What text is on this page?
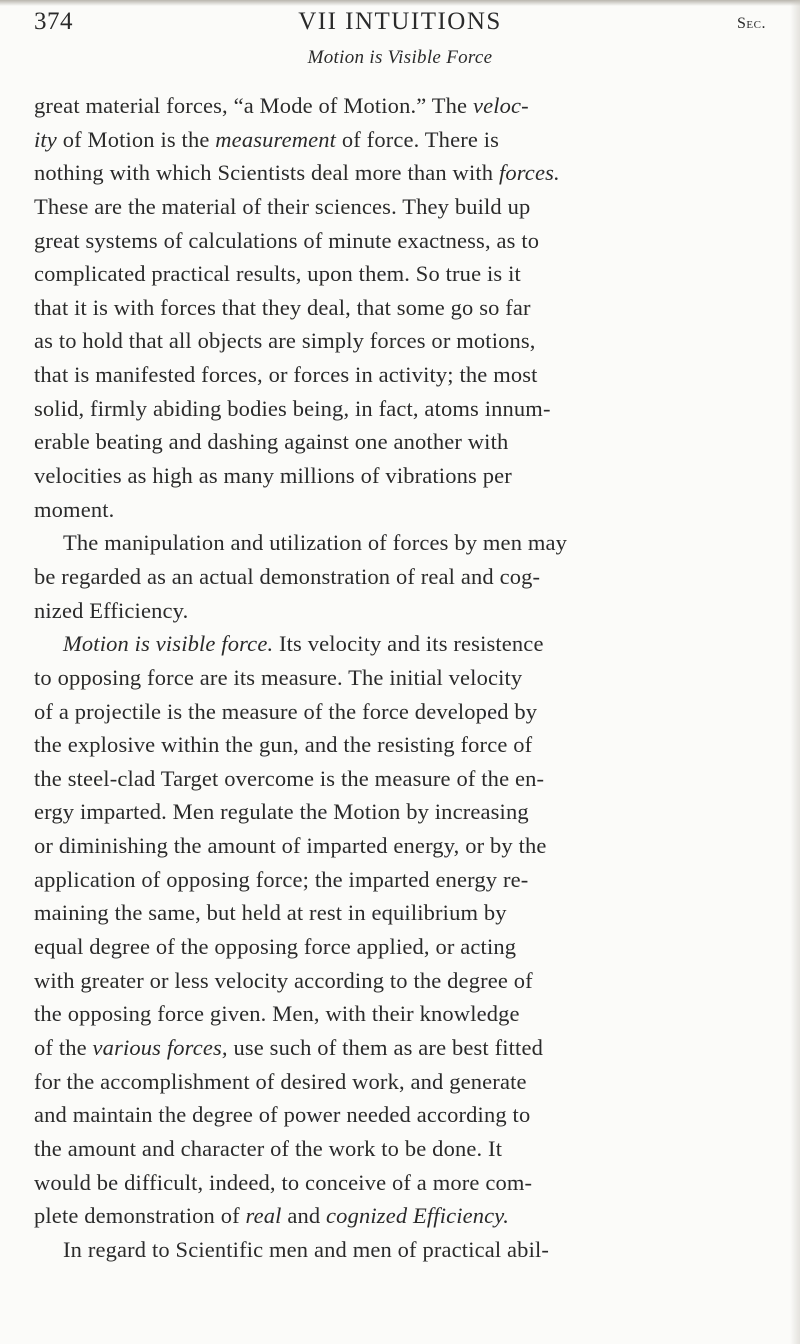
374	VII INTUITIONS	Sec.
Motion is Visible Force
great material forces, “a Mode of Motion.” The veloc-
ity of Motion is the measurement of force. There is
nothing with which Scientists deal more than with forces.
These are the material of their sciences. They build up
great systems of calculations of minute exactness, as to
complicated practical results, upon them. So true is it
that it is with forces that they deal, that some go so far
as to hold that all objects are simply forces or motions,
that is manifested forces, or forces in activity; the most
solid, firmly abiding bodies being, in fact, atoms innum-
erable beating and dashing against one another with
velocities as high as many millions of vibrations per
moment.
The manipulation and utilization of forces by men may
be regarded as an actual demonstration of real and cog-
nized Efficiency.
Motion is visible force. Its velocity and its resistence
to opposing force are its measure. The initial velocity
of a projectile is the measure of the force developed by
the explosive within the gun, and the resisting force of
the steel-clad Target overcome is the measure of the en-
ergy imparted. Men regulate the Motion by increasing
or diminishing the amount of imparted energy, or by the
application of opposing force; the imparted energy re-
maining the same, but held at rest in equilibrium by
equal degree of the opposing force applied, or acting
with greater or less velocity according to the degree of
the opposing force given. Men, with their knowledge
of the various forces, use such of them as are best fitted
for the accomplishment of desired work, and generate
and maintain the degree of power needed according to
the amount and character of the work to be done. It
would be difficult, indeed, to conceive of a more com-
plete demonstration of real and cognized Efficiency.
In regard to Scientific men and men of practical abil-
